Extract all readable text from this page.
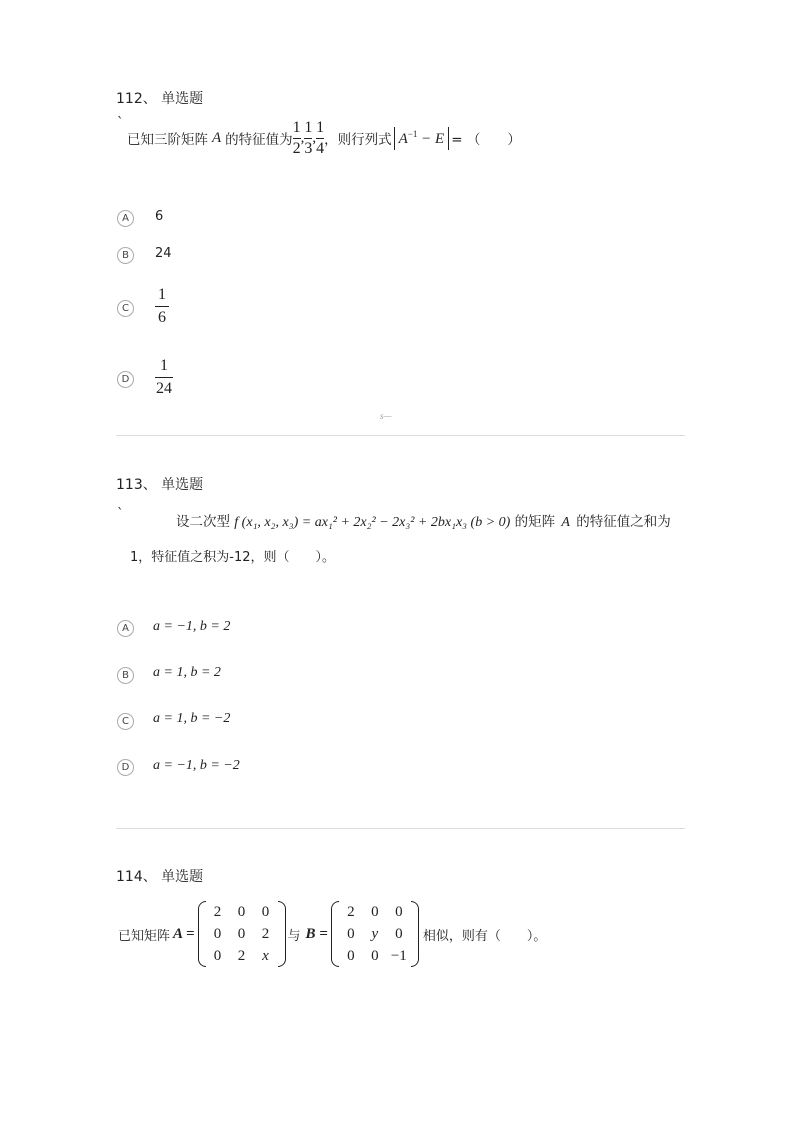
112、 单选题
ˋ
已知三阶矩阵 A 的特征值为 $\frac{1}{2}$ , $\frac{1}{3}$ , $\frac{1}{4}$ ，则行列式 $A^{-1} - E$ = （　　）
A	6
B	24
C	$\frac{1}{6}$
D $\frac{1}{24}$
s—
113、 单选题
ˋ	设二次型 f (x₁, x₂, x₃) = ax₁² + 2x₂² − 2x₃² + 2bx₁x₃ (b > 0) 的矩阵 A 的特征值之和为
1，特征值之积为-12，则（　　）。
A	a = −1, b = 2
B	a = 1, b = 2
C	a = 1, b = −2
D	a = −1, b = −2
114、 单选题
已知矩阵 A =
2	0	0
0	0	2
0	2	x
与 B =
2	0	0
0	y	0
0	0	−1
相似，则有（　　）。
